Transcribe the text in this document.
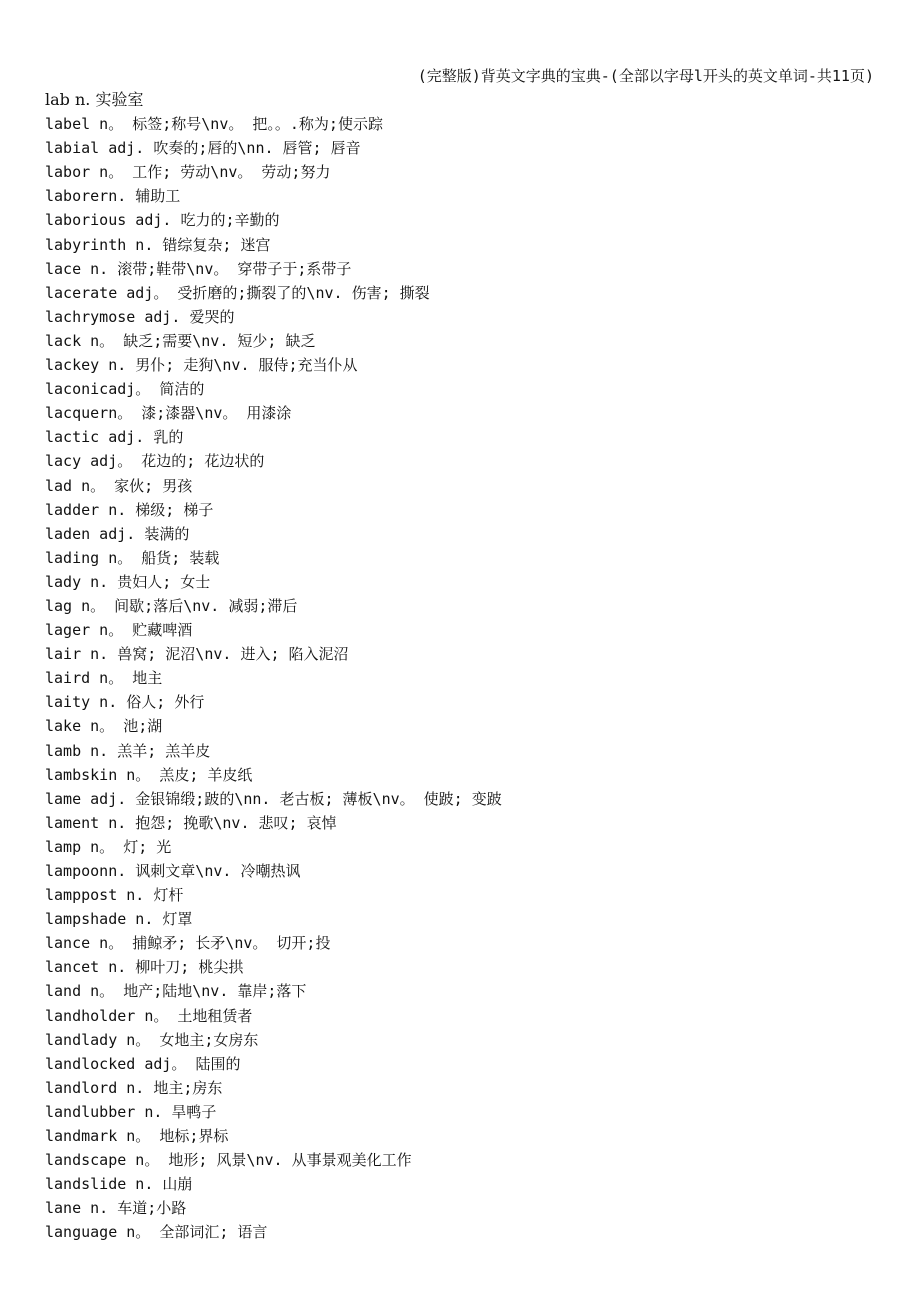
(完整版)背英文字典的宝典-(全部以字母l开头的英文单词-共11页)
lab n. 实验室
label n。 标签;称号\nv。 把。。.称为;使示踪
labial adj. 吹奏的;唇的\nn. 唇管; 唇音
labor n。 工作; 劳动\nv。 劳动;努力
laborern. 辅助工
laborious adj. 吃力的;辛勤的
labyrinth n. 错综复杂; 迷宫
lace n. 滚带;鞋带\nv。 穿带子于;系带子
lacerate adj。 受折磨的;撕裂了的\nv. 伤害; 撕裂
lachrymose adj. 爱哭的
lack n。 缺乏;需要\nv. 短少; 缺乏
lackey n. 男仆; 走狗\nv. 服侍;充当仆从
laconicadj。 简洁的
lacquern。 漆;漆器\nv。 用漆涂
lactic adj. 乳的
lacy adj。 花边的; 花边状的
lad n。 家伙; 男孩
ladder n. 梯级; 梯子
laden adj. 装满的
lading n。 船货; 装载
lady n. 贵妇人; 女士
lag n。 间歇;落后\nv. 减弱;滞后
lager n。 贮藏啤酒
lair n. 兽窝; 泥沼\nv. 进入; 陷入泥沼
laird n。 地主
laity n. 俗人; 外行
lake n。 池;湖
lamb n. 羔羊; 羔羊皮
lambskin n。 羔皮; 羊皮纸
lame adj. 金银锦缎;跛的\nn. 老古板; 薄板\nv。 使跛; 变跛
lament n. 抱怨; 挽歌\nv. 悲叹; 哀悼
lamp n。 灯; 光
lampoonn. 讽刺文章\nv. 冷嘲热讽
lamppost n. 灯杆
lampshade n. 灯罩
lance n。 捕鲸矛; 长矛\nv。 切开;投
lancet n. 柳叶刀; 桃尖拱
land n。 地产;陆地\nv. 靠岸;落下
landholder n。 土地租赁者
landlady n。 女地主;女房东
landlocked adj。 陆围的
landlord n. 地主;房东
landlubber n. 旱鸭子
landmark n。 地标;界标
landscape n。 地形; 风景\nv. 从事景观美化工作
landslide n. 山崩
lane n. 车道;小路
language n。 全部词汇; 语言
